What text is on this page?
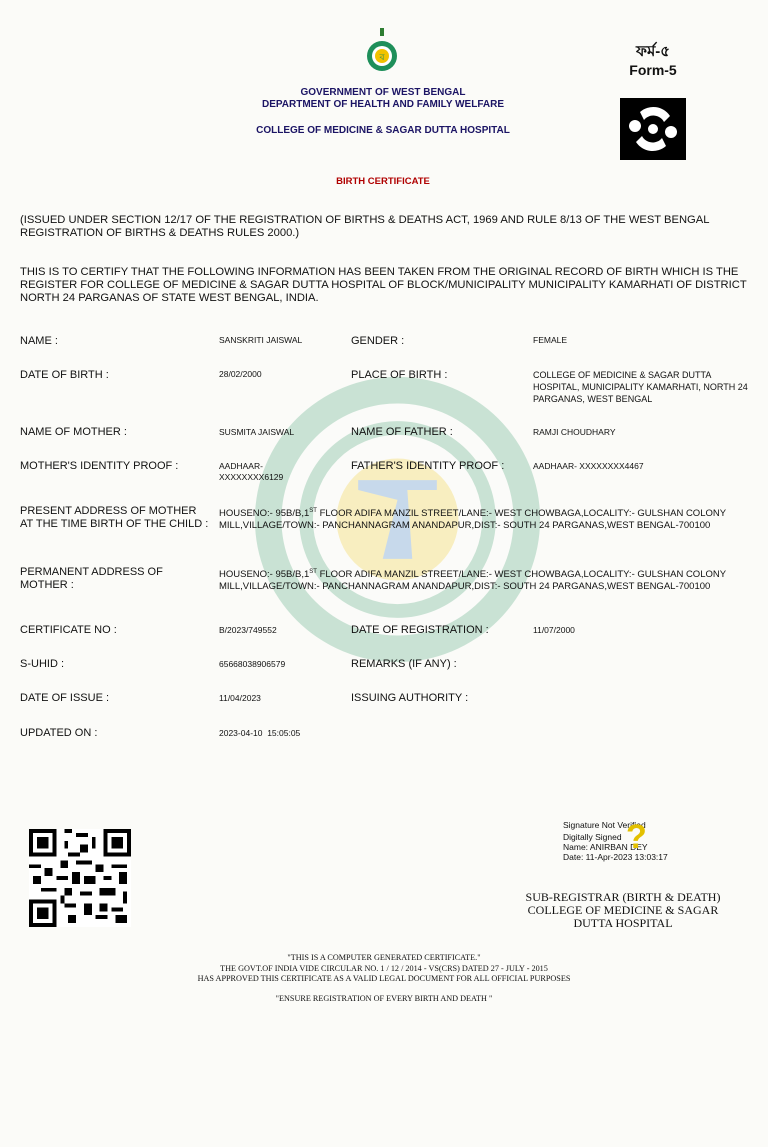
ব	ফর্ম-৫
Form-5
GOVERNMENT OF WEST BENGAL
DEPARTMENT OF HEALTH AND FAMILY WELFARE
COLLEGE OF MEDICINE & SAGAR DUTTA HOSPITAL
BIRTH CERTIFICATE
(ISSUED UNDER SECTION 12/17 OF THE REGISTRATION OF BIRTHS & DEATHS ACT, 1969 AND RULE 8/13 OF THE WEST BENGAL REGISTRATION OF BIRTHS & DEATHS RULES 2000.)
THIS IS TO CERTIFY THAT THE FOLLOWING INFORMATION HAS BEEN TAKEN FROM THE ORIGINAL RECORD OF BIRTH WHICH IS THE REGISTER FOR COLLEGE OF MEDICINE & SAGAR DUTTA HOSPITAL OF BLOCK/MUNICIPALITY MUNICIPALITY KAMARHATI OF DISTRICT NORTH 24 PARGANAS OF STATE WEST BENGAL, INDIA.
NAME :	SANSKRITI JAISWAL	GENDER :	FEMALE
DATE OF BIRTH :	28/02/2000	PLACE OF BIRTH :	COLLEGE OF MEDICINE & SAGAR DUTTA HOSPITAL, MUNICIPALITY KAMARHATI, NORTH 24 PARGANAS, WEST BENGAL
NAME OF MOTHER :	SUSMITA JAISWAL	NAME OF FATHER :	RAMJI CHOUDHARY
MOTHER'S IDENTITY PROOF :	AADHAAR- XXXXXXXX6129
FATHER'S IDENTITY PROOF :	AADHAAR- XXXXXXXX4467
PRESENT ADDRESS OF MOTHER AT THE TIME BIRTH OF THE CHILD :
HOUSENO:- 95B/B,1ST FLOOR ADIFA MANZIL STREET/LANE:- WEST CHOWBAGA,LOCALITY:- GULSHAN COLONY MILL,VILLAGE/TOWN:- PANCHANNAGRAM ANANDAPUR,DIST:- SOUTH 24 PARGANAS,WEST BENGAL-700100
PERMANENT ADDRESS OF MOTHER :
HOUSENO:- 95B/B,1ST FLOOR ADIFA MANZIL STREET/LANE:- WEST CHOWBAGA,LOCALITY:- GULSHAN COLONY MILL,VILLAGE/TOWN:- PANCHANNAGRAM ANANDAPUR,DIST:- SOUTH 24 PARGANAS,WEST BENGAL-700100
CERTIFICATE NO :	B/2023/749552	DATE OF REGISTRATION :	11/07/2000
S-UHID :	65668038906579	REMARKS (IF ANY) :
DATE OF ISSUE :	11/04/2023	ISSUING AUTHORITY :
UPDATED ON :	2023-04-10  15:05:05
Signature Not Verified
Digitally Signed
Name: ANIRBAN DEY
Date: 11-Apr-2023 13:03:17
?
SUB-REGISTRAR (BIRTH & DEATH)
COLLEGE OF MEDICINE & SAGAR
DUTTA HOSPITAL
"THIS IS A COMPUTER GENERATED CERTIFICATE."
THE GOVT.OF INDIA VIDE CIRCULAR NO. 1 / 12 / 2014 - VS(CRS) DATED 27 - JULY - 2015
HAS APPROVED THIS CERTIFICATE AS A VALID LEGAL DOCUMENT FOR ALL OFFICIAL PURPOSES
"ENSURE REGISTRATION OF EVERY BIRTH AND DEATH "
